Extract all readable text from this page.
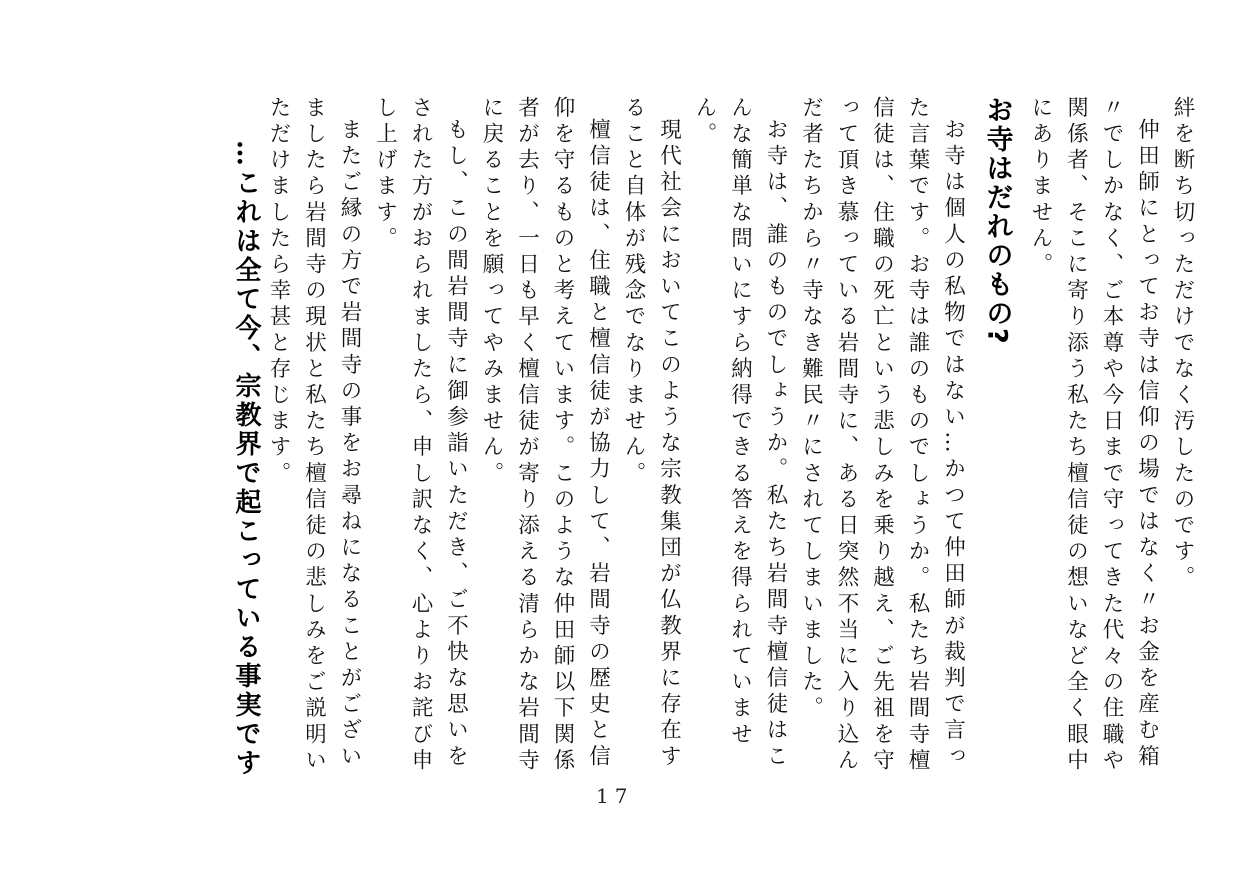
絆を断ち切っただけでなく汚したのです。

仲田師にとってお寺は信仰の場ではなく〃お金を産む箱〃でしかなく、ご本尊や今日まで守ってきた代々の住職や関係者、そこに寄り添う私たち檀信徒の想いなど全く眼中にありません。

お寺はだれのもの?

お寺は個人の私物ではない…かつて仲田師が裁判で言った言葉です。お寺は誰のものでしょうか。私たち岩間寺檀信徒は、住職の死亡という悲しみを乗り越え、ご先祖を守って頂き慕っている岩間寺に、ある日突然不当に入り込んだ者たちから〃寺なき難民〃にされてしまいました。

お寺は、誰のものでしょうか。私たち岩間寺檀信徒はこんな簡単な問いにすら納得できる答えを得られていません。

現代社会においてこのような宗教集団が仏教界に存在すること自体が残念でなりません。

檀信徒は、住職と檀信徒が協力して、岩間寺の歴史と信仰を守るものと考えています。このような仲田師以下関係者が去り、一日も早く檀信徒が寄り添える清らかな岩間寺に戻ることを願ってやみません。

もし、この間岩間寺に御参詣いただき、ご不快な思いをされた方がおられましたら、申し訳なく、心よりお詫び申し上げます。

またご縁の方で岩間寺の事をお尋ねになることがございましたら岩間寺の現状と私たち檀信徒の悲しみをご説明いただけましたら幸甚と存じます。

…これは全て今、宗教界で起こっている事実です
17
